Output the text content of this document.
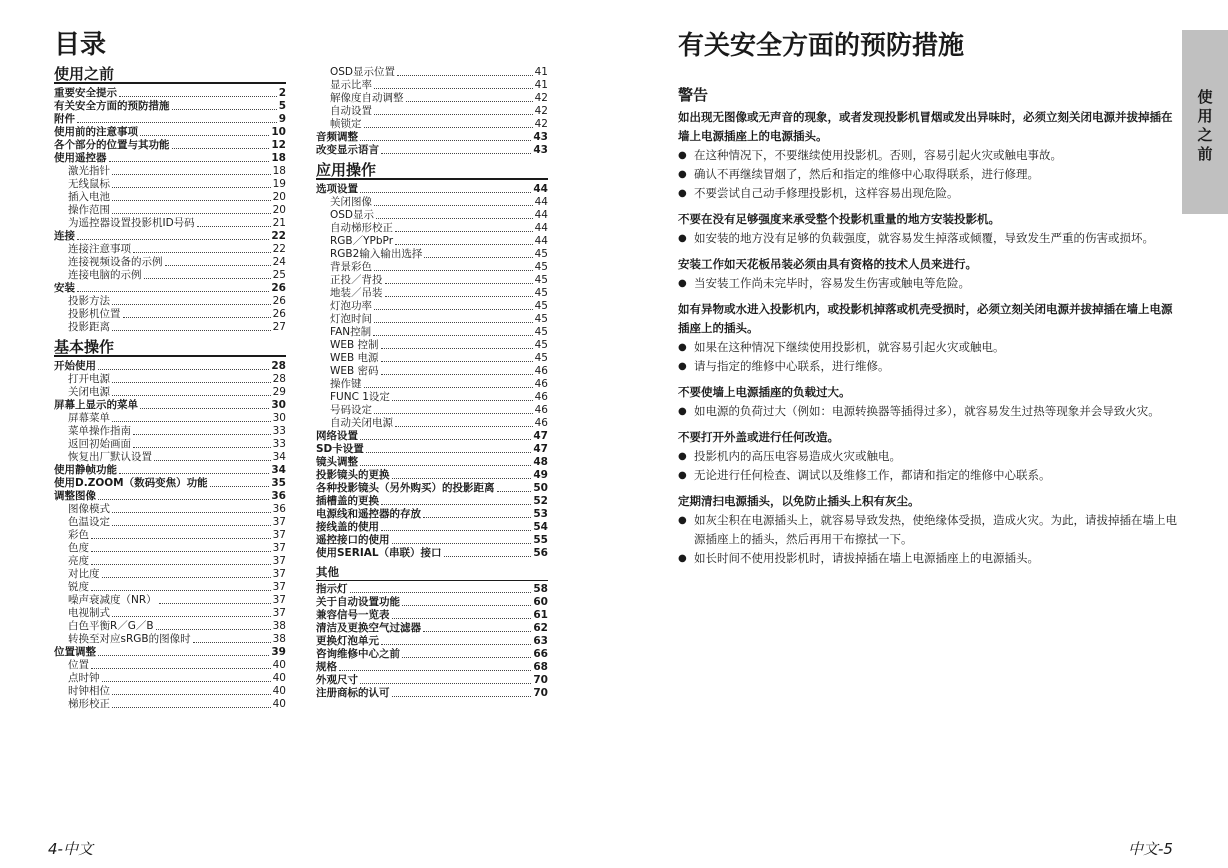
目录
使用之前
重要安全提示	2
有关安全方面的预防措施	5
附件	9
使用前的注意事项	10
各个部分的位置与其功能	12
使用遥控器	18
激光指针	18
无线鼠标	19
插入电池	20
操作范围	20
为遥控器设置投影机ID号码	21
连接	22
连接注意事项	22
连接视频设备的示例	24
连接电脑的示例	25
安装	26
投影方法	26
投影机位置	26
投影距离	27
基本操作
开始使用	28
打开电源	28
关闭电源	29
屏幕上显示的菜单	30
屏幕菜单	30
菜单操作指南	33
返回初始画面	33
恢复出厂默认设置	34
使用静帧功能	34
使用D.ZOOM（数码变焦）功能	35
调整图像	36
图像模式	36
色温设定	37
彩色	37
色度	37
亮度	37
对比度	37
锐度	37
噪声衰减度（NR）	37
电视制式	37
白色平衡R／G／B	38
转换至对应sRGB的图像时	38
位置调整	39
位置	40
点时钟	40
时钟相位	40
梯形校正	40
OSD显示位置	41
显示比率	41
解像度自动调整	42
自动设置	42
帧锁定	42
音频调整	43
改变显示语言	43
应用操作
选项设置	44
关闭图像	44
OSD显示	44
自动梯形校正	44
RGB／YPbPr	44
RGB2输入输出选择	45
背景彩色	45
正投／背投	45
地装／吊装	45
灯泡功率	45
灯泡时间	45
FAN控制	45
WEB 控制	45
WEB 电源	45
WEB 密码	46
操作键	46
FUNC 1设定	46
号码设定	46
自动关闭电源	46
网络设置	47
SD卡设置	47
镜头调整	48
投影镜头的更换	49
各种投影镜头（另外购买）的投影距离	50
插槽盖的更换	52
电源线和遥控器的存放	53
接线盖的使用	54
遥控接口的使用	55
使用SERIAL（串联）接口	56
其他
指示灯	58
关于自动设置功能	60
兼容信号一览表	61
清洁及更换空气过滤器	62
更换灯泡单元	63
咨询维修中心之前	66
规格	68
外观尺寸	70
注册商标的认可	70
4-中文
有关安全方面的预防措施
警告

如出现无图像或无声音的现象，或者发现投影机冒烟或发出异味时，必须立刻关闭电源并拔掉插在墙上电源插座上的电源插头。

● 在这种情况下，不要继续使用投影机。否则，容易引起火灾或触电事故。
● 确认不再继续冒烟了，然后和指定的维修中心取得联系，进行修理。
● 不要尝试自己动手修理投影机，这样容易出现危险。

不要在没有足够强度来承受整个投影机重量的地方安装投影机。

● 如安装的地方没有足够的负载强度，就容易发生掉落或倾覆，导致发生严重的伤害或损坏。

安装工作如天花板吊装必须由具有资格的技术人员来进行。

● 当安装工作尚未完毕时，容易发生伤害或触电等危险。

如有异物或水进入投影机内，或投影机掉落或机壳受损时，必须立刻关闭电源并拔掉插在墙上电源插座上的插头。

● 如果在这种情况下继续使用投影机，就容易引起火灾或触电。
● 请与指定的维修中心联系，进行维修。

不要使墙上电源插座的负载过大。

● 如电源的负荷过大（例如：电源转换器等插得过多），就容易发生过热等现象并会导致火灾。

不要打开外盖或进行任何改造。

● 投影机内的高压电容易造成火灾或触电。
● 无论进行任何检查、调试以及维修工作，都请和指定的维修中心联系。

定期清扫电源插头，以免防止插头上积有灰尘。

● 如灰尘积在电源插头上，就容易导致发热，使绝缘体受损，造成火灾。为此，请拔掉插在墙上电源插座上的插头，然后再用干布擦拭一下。
● 如长时间不使用投影机时，请拔掉插在墙上电源插座上的电源插头。
使用之前
中文-5
